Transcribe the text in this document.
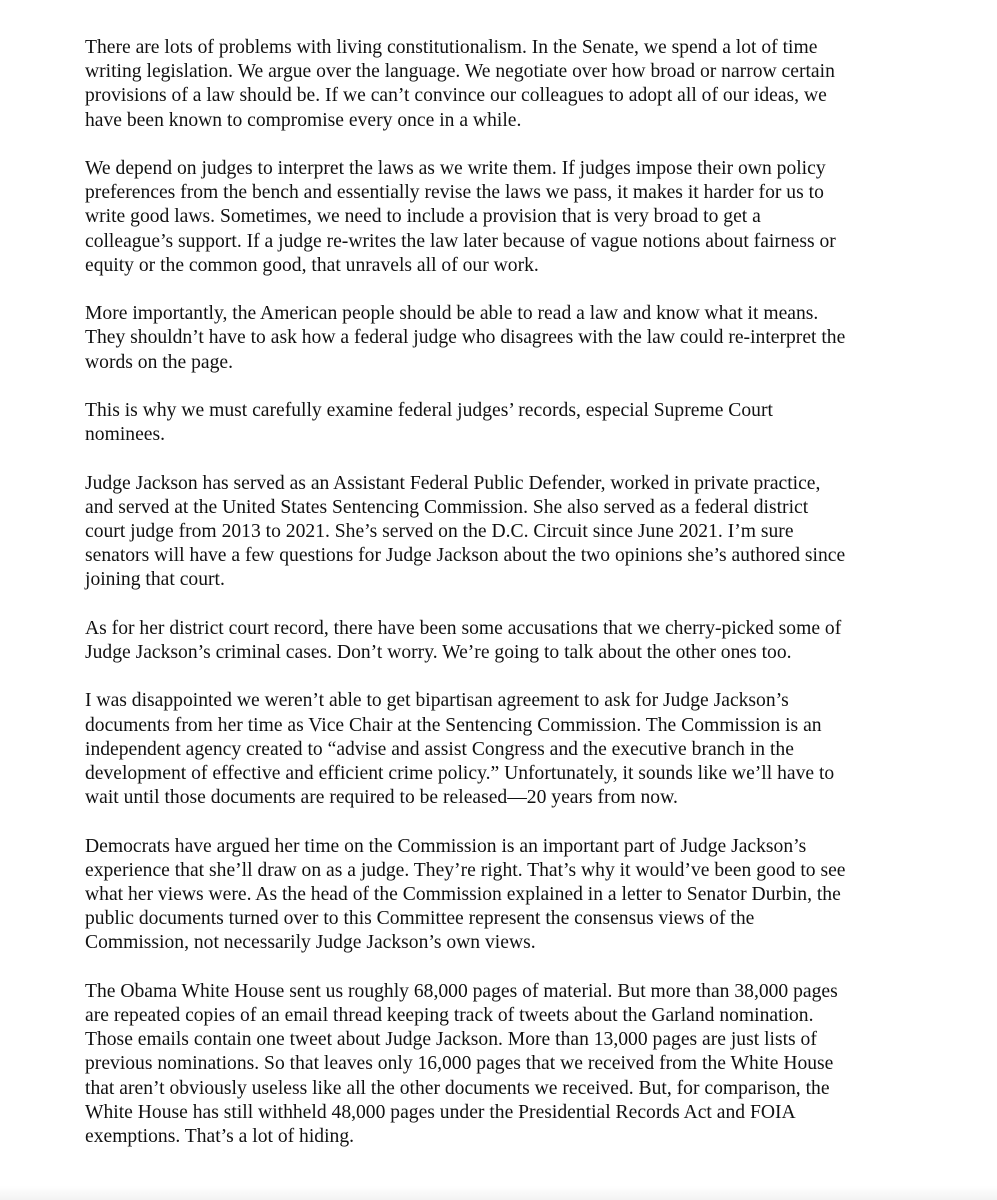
There are lots of problems with living constitutionalism. In the Senate, we spend a lot of time
writing legislation. We argue over the language. We negotiate over how broad or narrow certain
provisions of a law should be. If we can’t convince our colleagues to adopt all of our ideas, we
have been known to compromise every once in a while.

We depend on judges to interpret the laws as we write them. If judges impose their own policy
preferences from the bench and essentially revise the laws we pass, it makes it harder for us to
write good laws. Sometimes, we need to include a provision that is very broad to get a
colleague’s support. If a judge re-writes the law later because of vague notions about fairness or
equity or the common good, that unravels all of our work.

More importantly, the American people should be able to read a law and know what it means.
They shouldn’t have to ask how a federal judge who disagrees with the law could re-interpret the
words on the page.

This is why we must carefully examine federal judges’ records, especial Supreme Court
nominees.

Judge Jackson has served as an Assistant Federal Public Defender, worked in private practice,
and served at the United States Sentencing Commission. She also served as a federal district
court judge from 2013 to 2021. She’s served on the D.C. Circuit since June 2021. I’m sure
senators will have a few questions for Judge Jackson about the two opinions she’s authored since
joining that court.

As for her district court record, there have been some accusations that we cherry-picked some of
Judge Jackson’s criminal cases. Don’t worry. We’re going to talk about the other ones too.

I was disappointed we weren’t able to get bipartisan agreement to ask for Judge Jackson’s
documents from her time as Vice Chair at the Sentencing Commission. The Commission is an
independent agency created to “advise and assist Congress and the executive branch in the
development of effective and efficient crime policy.” Unfortunately, it sounds like we’ll have to
wait until those documents are required to be released—20 years from now.

Democrats have argued her time on the Commission is an important part of Judge Jackson’s
experience that she’ll draw on as a judge. They’re right. That’s why it would’ve been good to see
what her views were. As the head of the Commission explained in a letter to Senator Durbin, the
public documents turned over to this Committee represent the consensus views of the
Commission, not necessarily Judge Jackson’s own views.

The Obama White House sent us roughly 68,000 pages of material. But more than 38,000 pages
are repeated copies of an email thread keeping track of tweets about the Garland nomination.
Those emails contain one tweet about Judge Jackson. More than 13,000 pages are just lists of
previous nominations. So that leaves only 16,000 pages that we received from the White House
that aren’t obviously useless like all the other documents we received. But, for comparison, the
White House has still withheld 48,000 pages under the Presidential Records Act and FOIA
exemptions. That’s a lot of hiding.
